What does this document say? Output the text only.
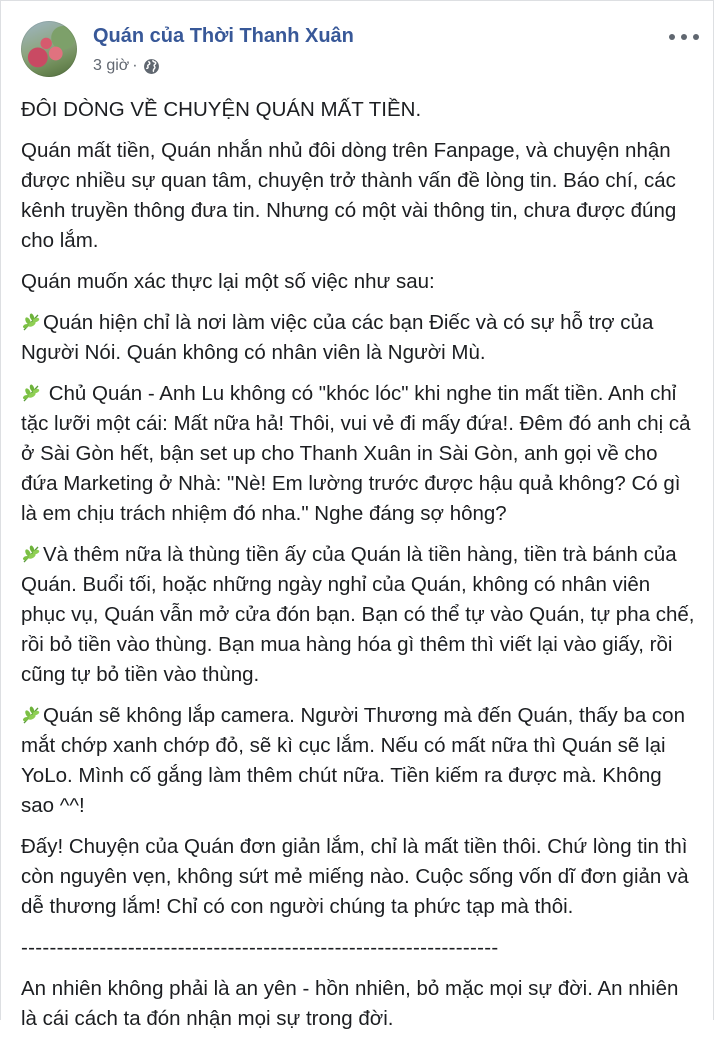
Quán của Thời Thanh Xuân
3 giờ ·

ĐÔI DÒNG VỀ CHUYỆN QUÁN MẤT TIỀN.

Quán mất tiền, Quán nhắn nhủ đôi dòng trên Fanpage, và chuyện nhận được nhiều sự quan tâm, chuyện trở thành vấn đề lòng tin. Báo chí, các kênh truyền thông đưa tin. Nhưng có một vài thông tin, chưa được đúng cho lắm.

Quán muốn xác thực lại một số việc như sau:

Quán hiện chỉ là nơi làm việc của các bạn Điếc và có sự hỗ trợ của Người Nói. Quán không có nhân viên là Người Mù.

Chủ Quán - Anh Lu không có "khóc lóc" khi nghe tin mất tiền. Anh chỉ tặc lưỡi một cái: Mất nữa hả! Thôi, vui vẻ đi mấy đứa!. Đêm đó anh chị cả ở Sài Gòn hết, bận set up cho Thanh Xuân in Sài Gòn, anh gọi về cho đứa Marketing ở Nhà: "Nè! Em lường trước được hậu quả không? Có gì là em chịu trách nhiệm đó nha." Nghe đáng sợ hông?

Và thêm nữa là thùng tiền ấy của Quán là tiền hàng, tiền trà bánh của Quán. Buổi tối, hoặc những ngày nghỉ của Quán, không có nhân viên phục vụ, Quán vẫn mở cửa đón bạn. Bạn có thể tự vào Quán, tự pha chế, rồi bỏ tiền vào thùng. Bạn mua hàng hóa gì thêm thì viết lại vào giấy, rồi cũng tự bỏ tiền vào thùng.

Quán sẽ không lắp camera. Người Thương mà đến Quán, thấy ba con mắt chớp xanh chớp đỏ, sẽ kì cục lắm. Nếu có mất nữa thì Quán sẽ lại YoLo. Mình cố gắng làm thêm chút nữa. Tiền kiếm ra được mà. Không sao ^^!

Đấy! Chuyện của Quán đơn giản lắm, chỉ là mất tiền thôi. Chứ lòng tin thì còn nguyên vẹn, không sứt mẻ miếng nào. Cuộc sống vốn dĩ đơn giản và dễ thương lắm! Chỉ có con người chúng ta phức tạp mà thôi.

-------------------------------------------------------------------

An nhiên không phải là an yên - hồn nhiên, bỏ mặc mọi sự đời. An nhiên là cái cách ta đón nhận mọi sự trong đời.
